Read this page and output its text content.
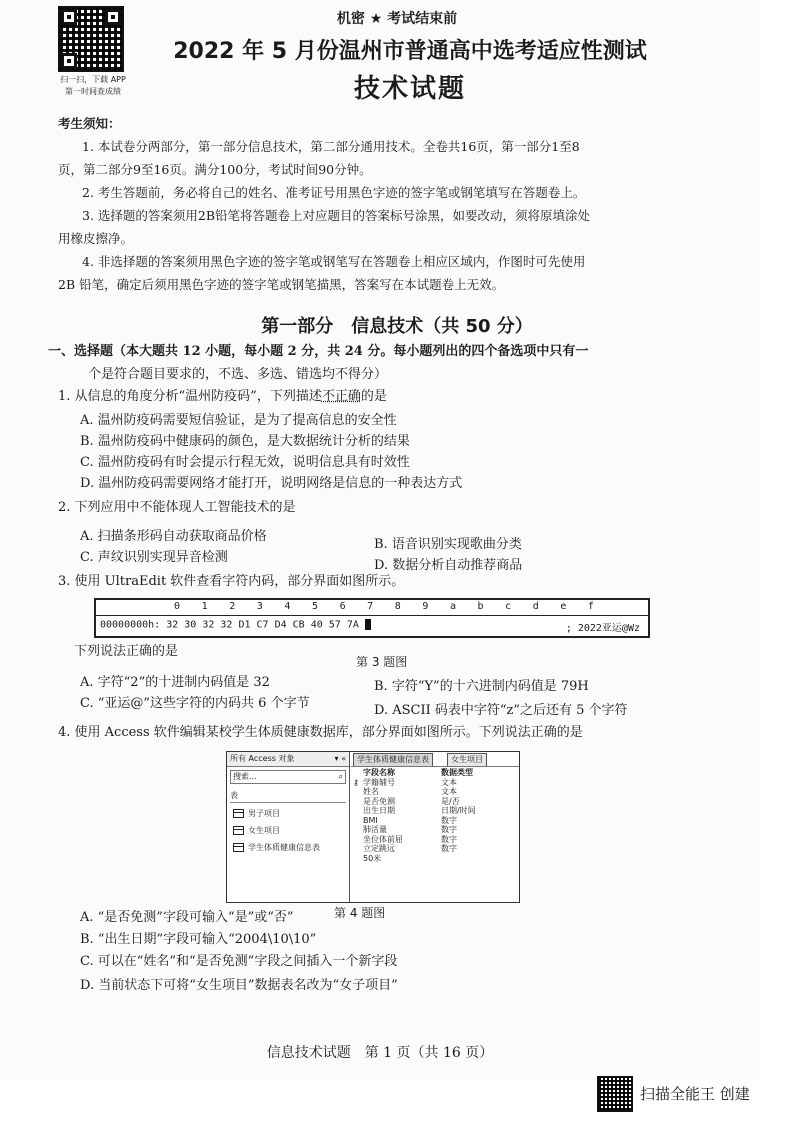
扫一扫，下载 APP
第一时间查成绩
机密 ★ 考试结束前
2022 年 5 月份温州市普通高中选考适应性测试
技术试题

考生须知：

1. 本试卷分两部分，第一部分信息技术，第二部分通用技术。全卷共16页，第一部分1至8

页，第二部分9至16页。满分100分，考试时间90分钟。

2. 考生答题前，务必将自己的姓名、准考证号用黑色字迹的签字笔或钢笔填写在答题卷上。

3. 选择题的答案须用2B铅笔将答题卷上对应题目的答案标号涂黑，如要改动，须将原填涂处

用橡皮擦净。

4. 非选择题的答案须用黑色字迹的签字笔或钢笔写在答题卷上相应区域内，作图时可先使用

2B 铅笔，确定后须用黑色字迹的签字笔或钢笔描黑，答案写在本试题卷上无效。

第一部分　信息技术（共 50 分）

一、选择题（本大题共 12 小题，每小题 2 分，共 24 分。每小题列出的四个备选项中只有一

个是符合题目要求的，不选、多选、错选均不得分）

1. 从信息的角度分析“温州防疫码”，下列描述不正确的是
A. 温州防疫码需要短信验证，是为了提高信息的安全性
B. 温州防疫码中健康码的颜色，是大数据统计分析的结果
C. 温州防疫码有时会提示行程无效，说明信息具有时效性
D. 温州防疫码需要网络才能打开，说明网络是信息的一种表达方式
2. 下列应用中不能体现人工智能技术的是
A. 扫描条形码自动获取商品价格
B. 语音识别实现歌曲分类
C. 声纹识别实现异音检测
D. 数据分析自动推荐商品
3. 使用 UltraEdit 软件查看字符内码，部分界面如图所示。
0 1 2 3 4 5 6 7 8 9 a b c d e f
00000000h: 32 30 32 32 D1 C7 D4 CB 40 57 7A	; 2022亚运@Wz
下列说法正确的是
第 3 题图
A. 字符“2”的十进制内码值是 32	B. 字符“Y”的十六进制内码值是 79H
C. “亚运@”这些字符的内码共 6 个字节	D. ASCII 码表中字符“z”之后还有 5 个字符
4. 使用 Access 软件编辑某校学生体质健康数据库，部分界面如图所示。下列说法正确的是
所有 Access 对象	▾ «
搜索...	⌕
表
男子项目
女生项目
学生体质健康信息表
学生体质健康信息表	女生项目
字段名称	数据类型
⚷ 学籍辅号	文本
姓名	文本
是否免测	是/否
出生日期	日期/时间
BMI	数字
肺活量	数字
坐位体前屈	数字
立定跳远	数字
50米
第 4 题图
A. “是否免测”字段可输入“是”或“否”
B. “出生日期”字段可输入“2004\10\10”
C. 可以在“姓名”和“是否免测”字段之间插入一个新字段
D. 当前状态下可将“女生项目”数据表名改为“女子项目”
信息技术试题　第 1 页（共 16 页）
扫描全能王 创建
